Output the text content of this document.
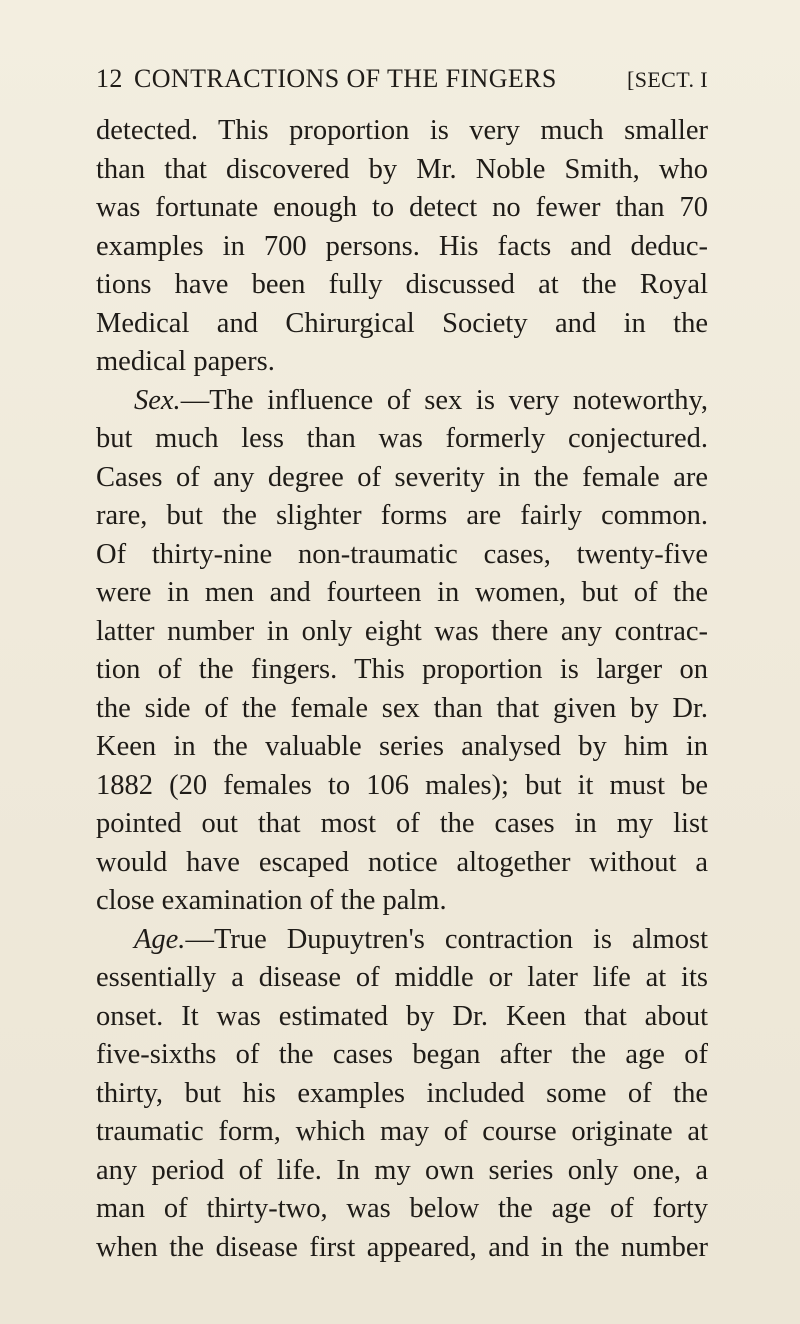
12 CONTRACTIONS OF THE FINGERS	[SECT. I
detected. This proportion is very much smaller
than that discovered by Mr. Noble Smith, who
was fortunate enough to detect no fewer than 70
examples in 700 persons. His facts and deduc-
tions have been fully discussed at the Royal
Medical and Chirurgical Society and in the
medical papers.
Sex.—The influence of sex is very noteworthy,
but much less than was formerly conjectured.
Cases of any degree of severity in the female are
rare, but the slighter forms are fairly common.
Of thirty-nine non-traumatic cases, twenty-five
were in men and fourteen in women, but of the
latter number in only eight was there any contrac-
tion of the fingers. This proportion is larger on
the side of the female sex than that given by Dr.
Keen in the valuable series analysed by him in
1882 (20 females to 106 males); but it must be
pointed out that most of the cases in my list
would have escaped notice altogether without a
close examination of the palm.
Age.—True Dupuytren's contraction is almost
essentially a disease of middle or later life at its
onset. It was estimated by Dr. Keen that about
five-sixths of the cases began after the age of
thirty, but his examples included some of the
traumatic form, which may of course originate at
any period of life. In my own series only one, a
man of thirty-two, was below the age of forty
when the disease first appeared, and in the number
